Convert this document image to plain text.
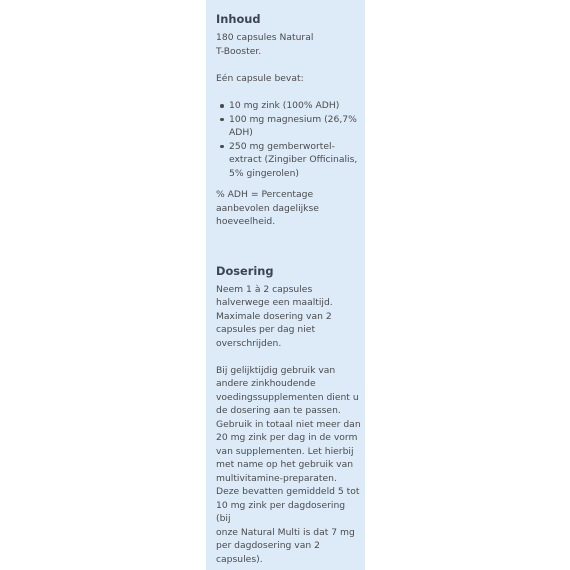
Inhoud

180 capsules Natural
T-Booster.

Eén capsule bevat:

10 mg zink (100% ADH)
100 mg magnesium (26,7%
ADH)
250 mg gemberwortel-
extract (Zingiber Officinalis,
5% gingerolen)

% ADH = Percentage
aanbevolen dagelijkse
hoeveelheid.

Dosering

Neem 1 à 2 capsules
halverwege een maaltijd.
Maximale dosering van 2
capsules per dag niet
overschrijden.

Bij gelijktijdig gebruik van
andere zinkhoudende
voedingssupplementen dient u
de dosering aan te passen.
Gebruik in totaal niet meer dan
20 mg zink per dag in de vorm
van supplementen. Let hierbij
met name op het gebruik van
multivitamine-preparaten.
Deze bevatten gemiddeld 5 tot
10 mg zink per dagdosering (bij
onze Natural Multi is dat 7 mg
per dagdosering van 2
capsules).
